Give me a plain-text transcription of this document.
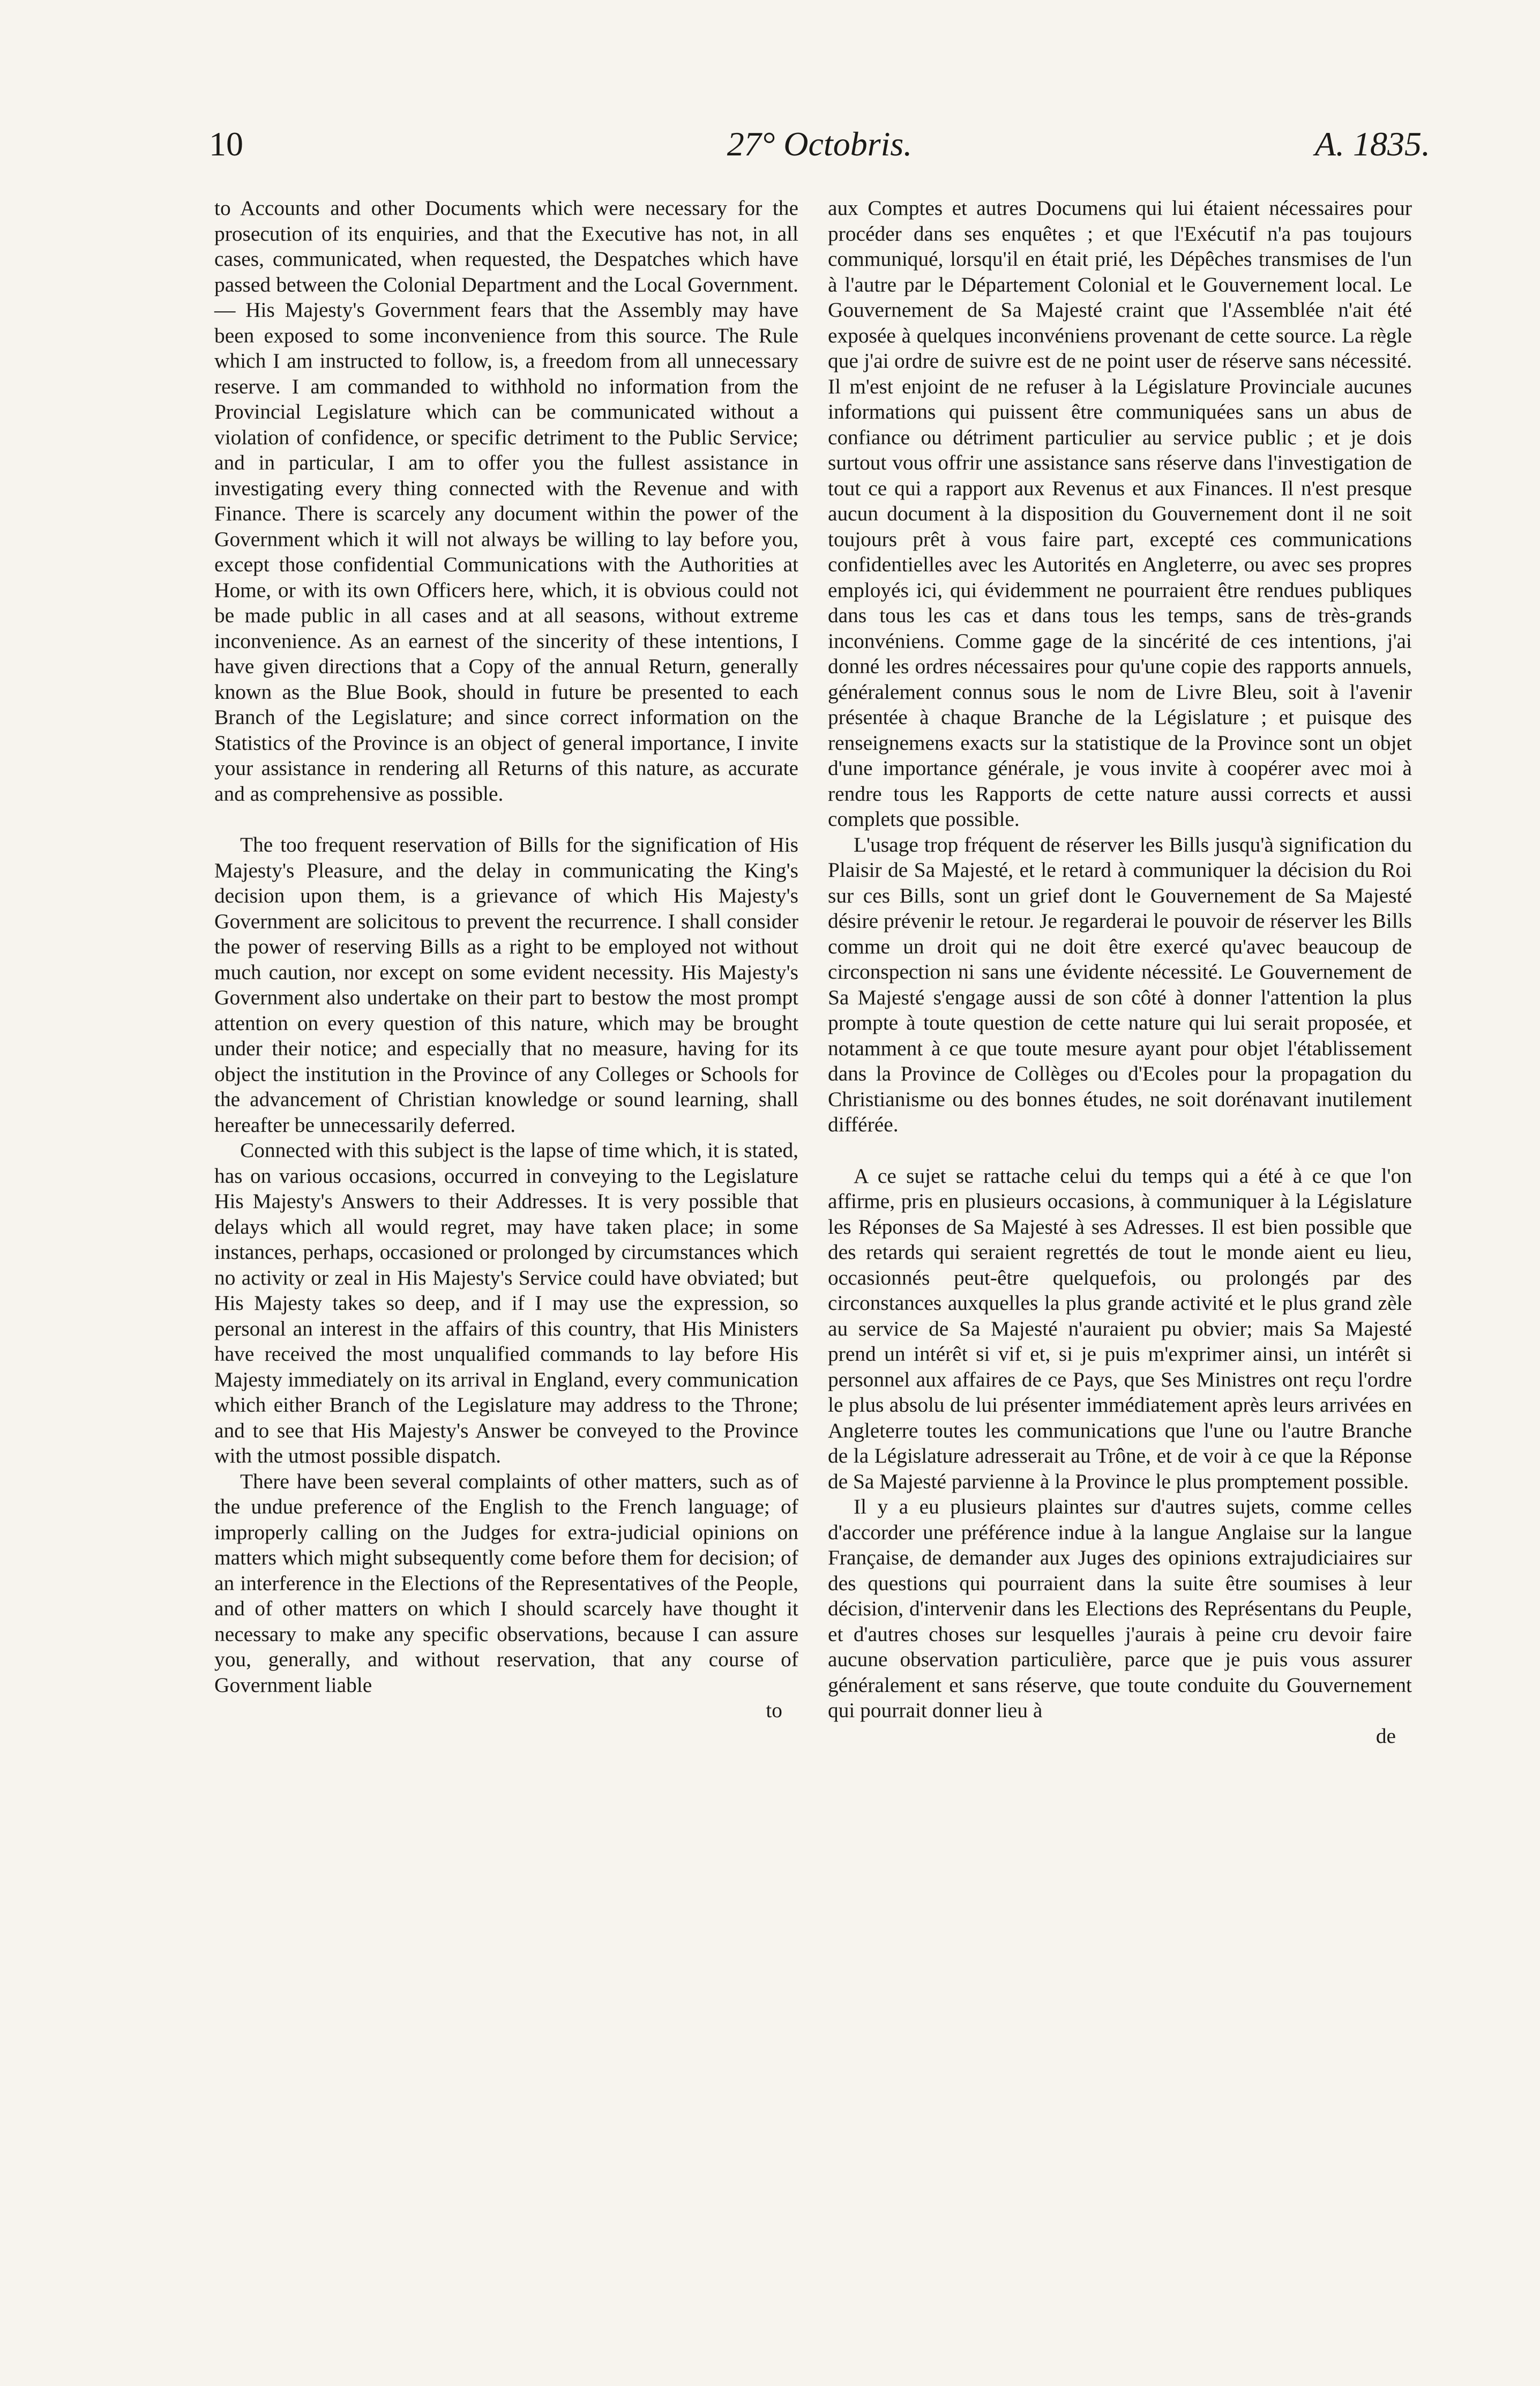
10	27° Octobris.	A. 1835.

to Accounts and other Documents which were necessary for the prosecution of its enquiries, and that the Executive has not, in all cases, communicated, when requested, the Despatches which have passed between the Colonial Department and the Local Government.— His Majesty's Government fears that the Assembly may have been exposed to some inconvenience from this source. The Rule which I am instructed to follow, is, a freedom from all unnecessary reserve. I am commanded to withhold no information from the Provincial Legislature which can be communicated without a violation of confidence, or specific detriment to the Public Service; and in particular, I am to offer you the fullest assistance in investigating every thing connected with the Revenue and with Finance. There is scarcely any document within the power of the Government which it will not always be willing to lay before you, except those confidential Communications with the Authorities at Home, or with its own Officers here, which, it is obvious could not be made public in all cases and at all seasons, without extreme inconvenience. As an earnest of the sincerity of these intentions, I have given directions that a Copy of the annual Return, generally known as the Blue Book, should in future be presented to each Branch of the Legislature; and since correct information on the Statistics of the Province is an object of general importance, I invite your assistance in rendering all Returns of this nature, as accurate and as comprehensive as possible.

The too frequent reservation of Bills for the signification of His Majesty's Pleasure, and the delay in communicating the King's decision upon them, is a grievance of which His Majesty's Government are solicitous to prevent the recurrence. I shall consider the power of reserving Bills as a right to be employed not without much caution, nor except on some evident necessity. His Majesty's Government also undertake on their part to bestow the most prompt attention on every question of this nature, which may be brought under their notice; and especially that no measure, having for its object the institution in the Province of any Colleges or Schools for the advancement of Christian knowledge or sound learning, shall hereafter be unnecessarily deferred.

Connected with this subject is the lapse of time which, it is stated, has on various occasions, occurred in conveying to the Legislature His Majesty's Answers to their Addresses. It is very possible that delays which all would regret, may have taken place; in some instances, perhaps, occasioned or prolonged by circumstances which no activity or zeal in His Majesty's Service could have obviated; but His Majesty takes so deep, and if I may use the expression, so personal an interest in the affairs of this country, that His Ministers have received the most unqualified commands to lay before His Majesty immediately on its arrival in England, every communication which either Branch of the Legislature may address to the Throne; and to see that His Majesty's Answer be conveyed to the Province with the utmost possible dispatch.

There have been several complaints of other matters, such as of the undue preference of the English to the French language; of improperly calling on the Judges for extra-judicial opinions on matters which might subsequently come before them for decision; of an interference in the Elections of the Representatives of the People, and of other matters on which I should scarcely have thought it necessary to make any specific observations, because I can assure you, generally, and without reservation, that any course of Government liable

to

aux Comptes et autres Documens qui lui étaient nécessaires pour procéder dans ses enquêtes ; et que l'Exécutif n'a pas toujours communiqué, lorsqu'il en était prié, les Dépêches transmises de l'un à l'autre par le Département Colonial et le Gouvernement local. Le Gouvernement de Sa Majesté craint que l'Assemblée n'ait été exposée à quelques inconvéniens provenant de cette source. La règle que j'ai ordre de suivre est de ne point user de réserve sans nécessité. Il m'est enjoint de ne refuser à la Législature Provinciale aucunes informations qui puissent être communiquées sans un abus de confiance ou détriment particulier au service public ; et je dois surtout vous offrir une assistance sans réserve dans l'investigation de tout ce qui a rapport aux Revenus et aux Finances. Il n'est presque aucun document à la disposition du Gouvernement dont il ne soit toujours prêt à vous faire part, excepté ces communications confidentielles avec les Autorités en Angleterre, ou avec ses propres employés ici, qui évidemment ne pourraient être rendues publiques dans tous les cas et dans tous les temps, sans de très-grands inconvéniens. Comme gage de la sincérité de ces intentions, j'ai donné les ordres nécessaires pour qu'une copie des rapports annuels, généralement connus sous le nom de Livre Bleu, soit à l'avenir présentée à chaque Branche de la Législature ; et puisque des renseignemens exacts sur la statistique de la Province sont un objet d'une importance générale, je vous invite à coopérer avec moi à rendre tous les Rapports de cette nature aussi corrects et aussi complets que possible.

L'usage trop fréquent de réserver les Bills jusqu'à signification du Plaisir de Sa Majesté, et le retard à communiquer la décision du Roi sur ces Bills, sont un grief dont le Gouvernement de Sa Majesté désire prévenir le retour. Je regarderai le pouvoir de réserver les Bills comme un droit qui ne doit être exercé qu'avec beaucoup de circonspection ni sans une évidente nécessité. Le Gouvernement de Sa Majesté s'engage aussi de son côté à donner l'attention la plus prompte à toute question de cette nature qui lui serait proposée, et notamment à ce que toute mesure ayant pour objet l'établissement dans la Province de Collèges ou d'Ecoles pour la propagation du Christianisme ou des bonnes études, ne soit dorénavant inutilement différée.

A ce sujet se rattache celui du temps qui a été à ce que l'on affirme, pris en plusieurs occasions, à communiquer à la Législature les Réponses de Sa Majesté à ses Adresses. Il est bien possible que des retards qui seraient regrettés de tout le monde aient eu lieu, occasionnés peut-être quelquefois, ou prolongés par des circonstances auxquelles la plus grande activité et le plus grand zèle au service de Sa Majesté n'auraient pu obvier; mais Sa Majesté prend un intérêt si vif et, si je puis m'exprimer ainsi, un intérêt si personnel aux affaires de ce Pays, que Ses Ministres ont reçu l'ordre le plus absolu de lui présenter immédiatement après leurs arrivées en Angleterre toutes les communications que l'une ou l'autre Branche de la Législature adresserait au Trône, et de voir à ce que la Réponse de Sa Majesté parvienne à la Province le plus promptement possible.

Il y a eu plusieurs plaintes sur d'autres sujets, comme celles d'accorder une préférence indue à la langue Anglaise sur la langue Française, de demander aux Juges des opinions extrajudiciaires sur des questions qui pourraient dans la suite être soumises à leur décision, d'intervenir dans les Elections des Représentans du Peuple, et d'autres choses sur lesquelles j'aurais à peine cru devoir faire aucune observation particulière, parce que je puis vous assurer généralement et sans réserve, que toute conduite du Gouvernement qui pourrait donner lieu à

de
